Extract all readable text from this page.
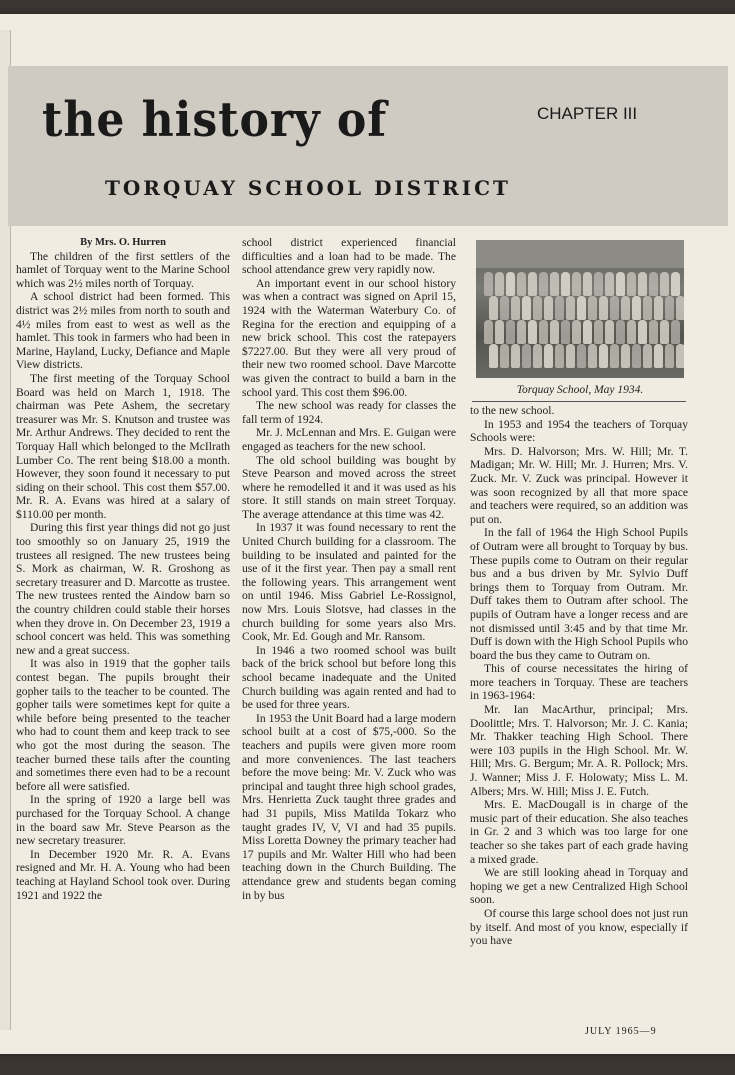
the history of	CHAPTER III
TORQUAY SCHOOL DISTRICT

By Mrs. O. Hurren

The children of the first settlers of the hamlet of Torquay went to the Marine School which was 2½ miles north of Torquay.

A school district had been formed. This district was 2½ miles from north to south and 4½ miles from east to west as well as the hamlet. This took in farmers who had been in Marine, Hayland, Lucky, Defiance and Maple View districts.

The first meeting of the Torquay School Board was held on March 1, 1918. The chairman was Pete Ashem, the secretary treasurer was Mr. S. Knutson and trustee was Mr. Arthur Andrews. They decided to rent the Torquay Hall which belonged to the McIlrath Lumber Co. The rent being $18.00 a month. However, they soon found it necessary to put siding on their school. This cost them $57.00. Mr. R. A. Evans was hired at a salary of $110.00 per month.

During this first year things did not go just too smoothly so on January 25, 1919 the trustees all resigned. The new trustees being S. Mork as chairman, W. R. Groshong as secretary treasurer and D. Marcotte as trustee. The new trustees rented the Aindow barn so the country children could stable their horses when they drove in. On December 23, 1919 a school concert was held. This was something new and a great success.

It was also in 1919 that the gopher tails contest began. The pupils brought their gopher tails to the teacher to be counted. The gopher tails were sometimes kept for quite a while before being presented to the teacher who had to count them and keep track to see who got the most during the season. The teacher burned these tails after the counting and sometimes there even had to be a recount before all were satisfied.

In the spring of 1920 a large bell was purchased for the Torquay School. A change in the board saw Mr. Steve Pearson as the new secretary treasurer.

In December 1920 Mr. R. A. Evans resigned and Mr. H. A. Young who had been teaching at Hayland School took over. During 1921 and 1922 the

school district experienced financial difficulties and a loan had to be made. The school attendance grew very rapidly now.

An important event in our school history was when a contract was signed on April 15, 1924 with the Waterman Waterbury Co. of Regina for the erection and equipping of a new brick school. This cost the ratepayers $7227.00. But they were all very proud of their new two roomed school. Dave Marcotte was given the contract to build a barn in the school yard. This cost them $96.00.

The new school was ready for classes the fall term of 1924.

Mr. J. McLennan and Mrs. E. Guigan were engaged as teachers for the new school.

The old school building was bought by Steve Pearson and moved across the street where he remodelled it and it was used as his store. It still stands on main street Torquay. The average attendance at this time was 42.

In 1937 it was found necessary to rent the United Church building for a classroom. The building to be insulated and painted for the use of it the first year. Then pay a small rent the following years. This arrangement went on until 1946. Miss Gabriel Le-Rossignol, now Mrs. Louis Slotsve, had classes in the church building for some years also Mrs. Cook, Mr. Ed. Gough and Mr. Ransom.

In 1946 a two roomed school was built back of the brick school but before long this school became inadequate and the United Church building was again rented and had to be used for three years.

In 1953 the Unit Board had a large modern school built at a cost of $75,-000. So the teachers and pupils were given more room and more conveniences. The last teachers before the move being: Mr. V. Zuck who was principal and taught three high school grades, Mrs. Henrietta Zuck taught three grades and had 31 pupils, Miss Matilda Tokarz who taught grades IV, V, VI and had 35 pupils. Miss Loretta Downey the primary teacher had 17 pupils and Mr. Walter Hill who had been teaching down in the Church Building. The attendance grew and students began coming in by bus

Torquay School, May 1934.

to the new school.

In 1953 and 1954 the teachers of Torquay Schools were:

Mrs. D. Halvorson; Mrs. W. Hill; Mr. T. Madigan; Mr. W. Hill; Mr. J. Hurren; Mrs. V. Zuck. Mr. V. Zuck was principal. However it was soon recognized by all that more space and teachers were required, so an addition was put on.

In the fall of 1964 the High School Pupils of Outram were all brought to Torquay by bus. These pupils come to Outram on their regular bus and a bus driven by Mr. Sylvio Duff brings them to Torquay from Outram. Mr. Duff takes them to Outram after school. The pupils of Outram have a longer recess and are not dismissed until 3:45 and by that time Mr. Duff is down with the High School Pupils who board the bus they came to Outram on.

This of course necessitates the hiring of more teachers in Torquay. These are teachers in 1963-1964:

Mr. Ian MacArthur, principal; Mrs. Doolittle; Mrs. T. Halvorson; Mr. J. C. Kania; Mr. Thakker teaching High School. There were 103 pupils in the High School. Mr. W. Hill; Mrs. G. Bergum; Mr. A. R. Pollock; Mrs. J. Wanner; Miss J. F. Holowaty; Miss L. M. Albers; Mrs. W. Hill; Miss J. E. Futch.

Mrs. E. MacDougall is in charge of the music part of their education. She also teaches in Gr. 2 and 3 which was too large for one teacher so she takes part of each grade having a mixed grade.

We are still looking ahead in Torquay and hoping we get a new Centralized High School soon.

Of course this large school does not just run by itself. And most of you know, especially if you have

JULY 1965—9
